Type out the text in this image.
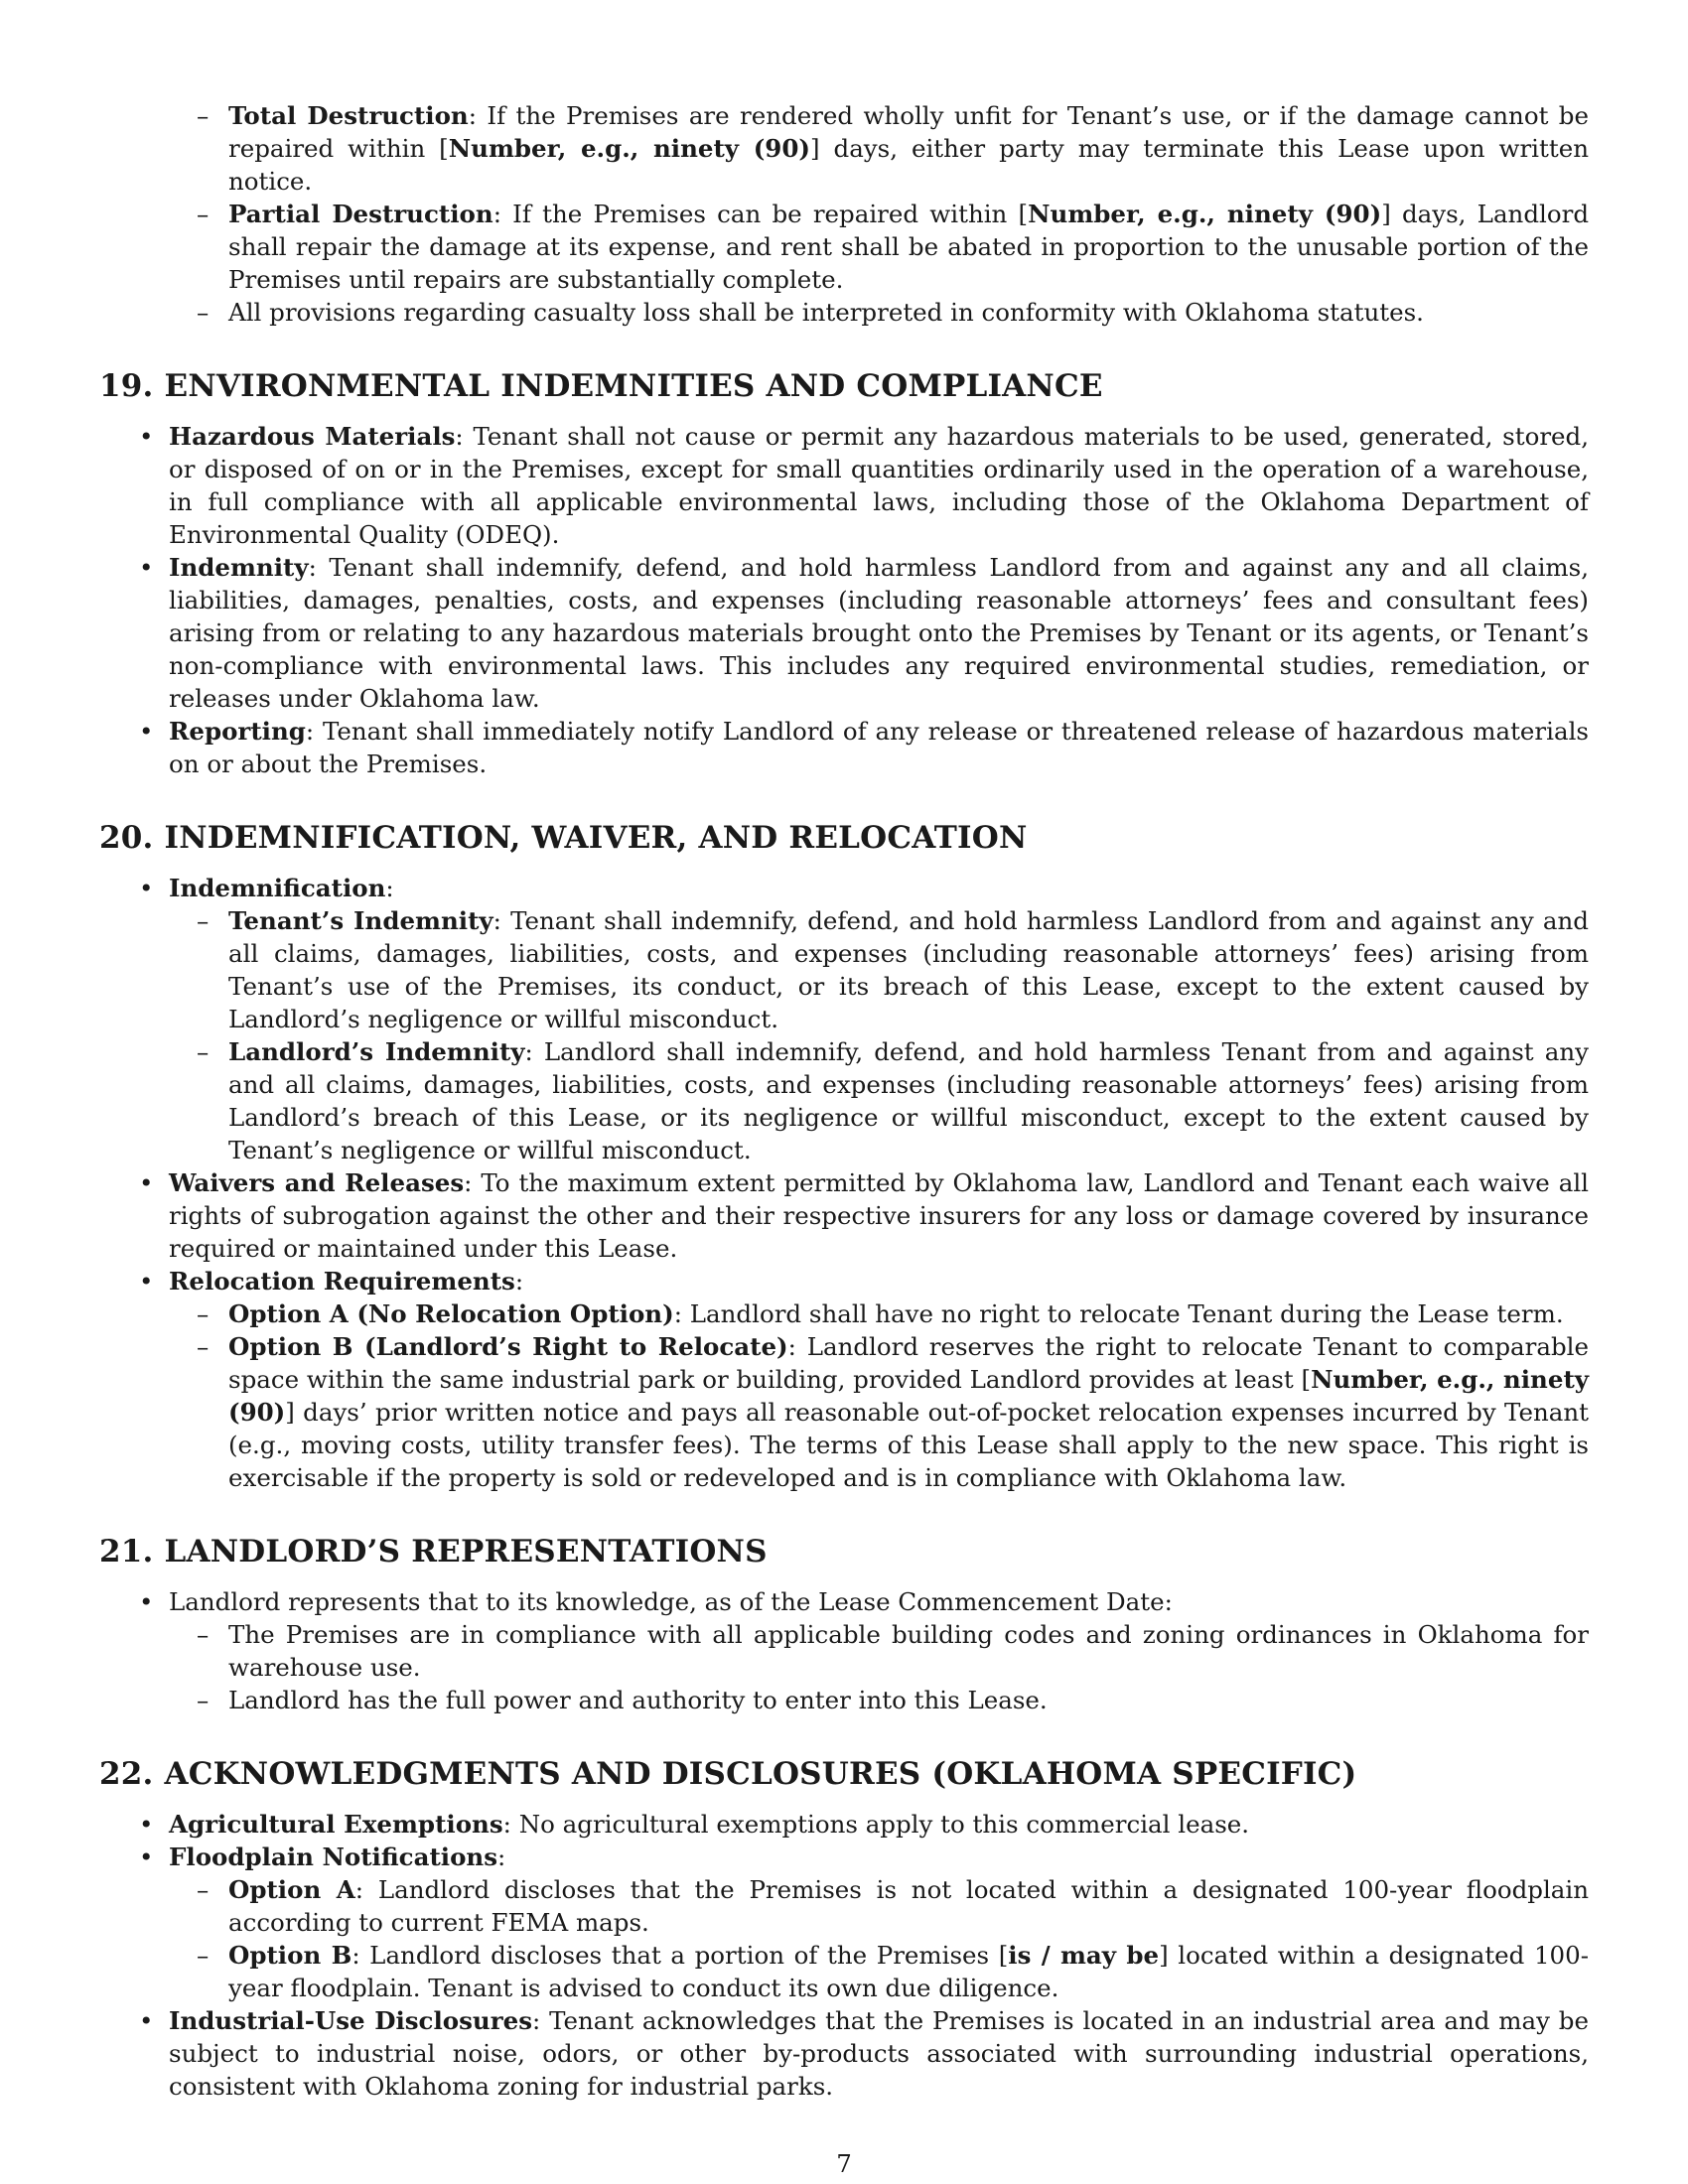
– Total Destruction: If the Premises are rendered wholly unfit for Tenant’s use, or if the damage cannot be repaired within [Number, e.g., ninety (90)] days, either party may terminate this Lease upon written notice.
– Partial Destruction: If the Premises can be repaired within [Number, e.g., ninety (90)] days, Landlord shall repair the damage at its expense, and rent shall be abated in proportion to the unusable portion of the Premises until repairs are substantially complete.
– All provisions regarding casualty loss shall be interpreted in conformity with Oklahoma statutes.
19. ENVIRONMENTAL INDEMNITIES AND COMPLIANCE
• Hazardous Materials: Tenant shall not cause or permit any hazardous materials to be used, generated, stored, or disposed of on or in the Premises, except for small quantities ordinarily used in the operation of a warehouse, in full compliance with all applicable environmental laws, including those of the Oklahoma Department of Environmental Quality (ODEQ).
• Indemnity: Tenant shall indemnify, defend, and hold harmless Landlord from and against any and all claims, liabilities, damages, penalties, costs, and expenses (including reasonable attorneys’ fees and consultant fees) arising from or relating to any hazardous materials brought onto the Premises by Tenant or its agents, or Tenant’s non-compliance with environmental laws. This includes any required environmental studies, remediation, or releases under Oklahoma law.
• Reporting: Tenant shall immediately notify Landlord of any release or threatened release of hazardous materials on or about the Premises.
20. INDEMNIFICATION, WAIVER, AND RELOCATION
• Indemnification:
– Tenant’s Indemnity: Tenant shall indemnify, defend, and hold harmless Landlord from and against any and all claims, damages, liabilities, costs, and expenses (including reasonable attorneys’ fees) arising from Tenant’s use of the Premises, its conduct, or its breach of this Lease, except to the extent caused by Landlord’s negligence or willful misconduct.
– Landlord’s Indemnity: Landlord shall indemnify, defend, and hold harmless Tenant from and against any and all claims, damages, liabilities, costs, and expenses (including reasonable attorneys’ fees) arising from Landlord’s breach of this Lease, or its negligence or willful misconduct, except to the extent caused by Tenant’s negligence or willful misconduct.
• Waivers and Releases: To the maximum extent permitted by Oklahoma law, Landlord and Tenant each waive all rights of subrogation against the other and their respective insurers for any loss or damage covered by insurance required or maintained under this Lease.
• Relocation Requirements:
– Option A (No Relocation Option): Landlord shall have no right to relocate Tenant during the Lease term.
– Option B (Landlord’s Right to Relocate): Landlord reserves the right to relocate Tenant to comparable space within the same industrial park or building, provided Landlord provides at least [Number, e.g., ninety (90)] days’ prior written notice and pays all reasonable out-of-pocket relocation expenses incurred by Tenant (e.g., moving costs, utility transfer fees). The terms of this Lease shall apply to the new space. This right is exercisable if the property is sold or redeveloped and is in compliance with Oklahoma law.
21. LANDLORD’S REPRESENTATIONS
• Landlord represents that to its knowledge, as of the Lease Commencement Date:
– The Premises are in compliance with all applicable building codes and zoning ordinances in Oklahoma for warehouse use.
– Landlord has the full power and authority to enter into this Lease.
22. ACKNOWLEDGMENTS AND DISCLOSURES (OKLAHOMA SPECIFIC)
• Agricultural Exemptions: No agricultural exemptions apply to this commercial lease.
• Floodplain Notifications:
– Option A: Landlord discloses that the Premises is not located within a designated 100-year floodplain according to current FEMA maps.
– Option B: Landlord discloses that a portion of the Premises [is / may be] located within a designated 100-year floodplain. Tenant is advised to conduct its own due diligence.
• Industrial-Use Disclosures: Tenant acknowledges that the Premises is located in an industrial area and may be subject to industrial noise, odors, or other by-products associated with surrounding industrial operations, consistent with Oklahoma zoning for industrial parks.
7
